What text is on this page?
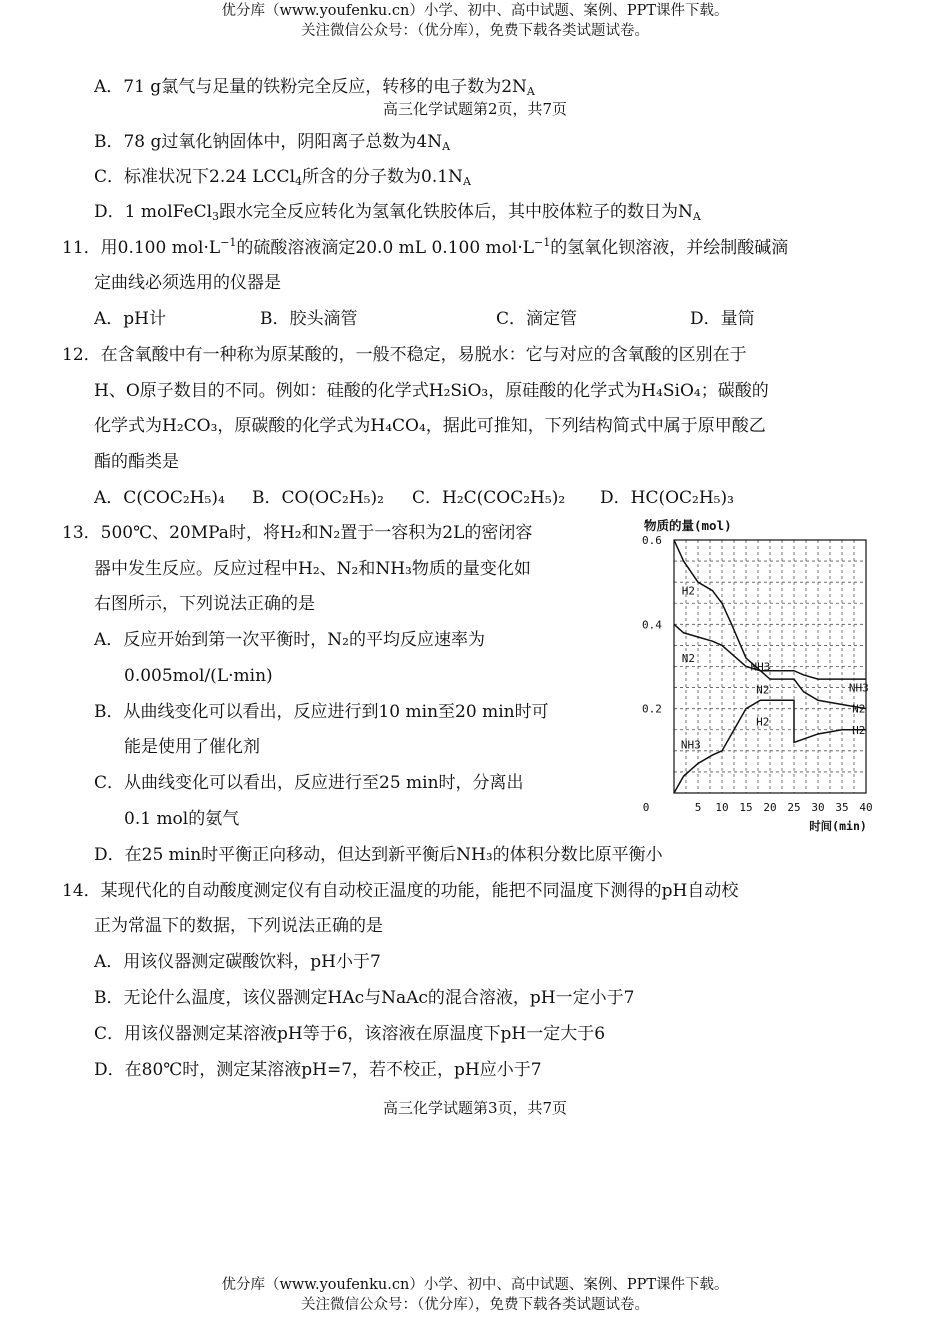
优分库（www.youfenku.cn）小学、初中、高中试题、案例、PPT课件下载。
关注微信公众号：（优分库），免费下载各类试题试卷。
A．71 g氯气与足量的铁粉完全反应，转移的电子数为$2N_A$
高三化学试题第2页，共7页
B．78 g过氧化钠固体中，阴阳离子总数为$4N_A$
C．标准状况下2.24 LCCl$_4$所含的分子数为$0.1N_A$
D．1 molFeCl$_3$跟水完全反应转化为氢氧化铁胶体后，其中胶体粒子的数日为$N_A$
11．用0.100 $mol\cdot L^{-1}$的硫酸溶液滴定20.0 mL 0.100 $mol\cdot L^{-1}$的氢氧化钡溶液，并绘制酸碱滴
定曲线必须选用的仪器是
A．pH计	B．胶头滴管	C．滴定管	D．量筒
12．在含氧酸中有一种称为原某酸的，一般不稳定，易脱水：它与对应的含氧酸的区别在于
H、O原子数目的不同。例如：硅酸的化学式H₂SiO₃，原硅酸的化学式为H₄SiO₄；碳酸的
化学式为H₂CO₃，原碳酸的化学式为H₄CO₄，据此可推知，下列结构简式中属于原甲酸乙
酯的酯类是
A．C(COC₂H₅)₄ B．CO(OC₂H₅)₂ C．H₂C(COC₂H₅)₂ D．HC(OC₂H₅)₃
13．500℃、20MPa时，将H₂和N₂置于一容积为2L的密闭容
器中发生反应。反应过程中H₂、N₂和NH₃物质的量变化如
右图所示，下列说法正确的是
A．反应开始到第一次平衡时，N₂的平均反应速率为
0.005mol/(L·min)
B．从曲线变化可以看出，反应进行到10 min至20 min时可
能是使用了催化剂
C．从曲线变化可以看出，反应进行至25 min时，分离出
0.1 mol的氨气
D．在25 min时平衡正向移动，但达到新平衡后NH₃的体积分数比原平衡小
物质的量(mol)
0.2
0.4
0.6
0	5 10 15 20 25 30 35 40
时间(min)
H2
N2
NH3
NH3
N2
H2
NH3
N2
H2
14．某现代化的自动酸度测定仪有自动校正温度的功能，能把不同温度下测得的pH自动校
正为常温下的数据，下列说法正确的是
A．用该仪器测定碳酸饮料，pH小于7
B．无论什么温度，该仪器测定HAc与NaAc的混合溶液，pH一定小于7
C．用该仪器测定某溶液pH等于6，该溶液在原温度下pH一定大于6
D．在80℃时，测定某溶液pH=7，若不校正，pH应小于7
高三化学试题第3页，共7页
优分库（www.youfenku.cn）小学、初中、高中试题、案例、PPT课件下载。
关注微信公众号：（优分库），免费下载各类试题试卷。
